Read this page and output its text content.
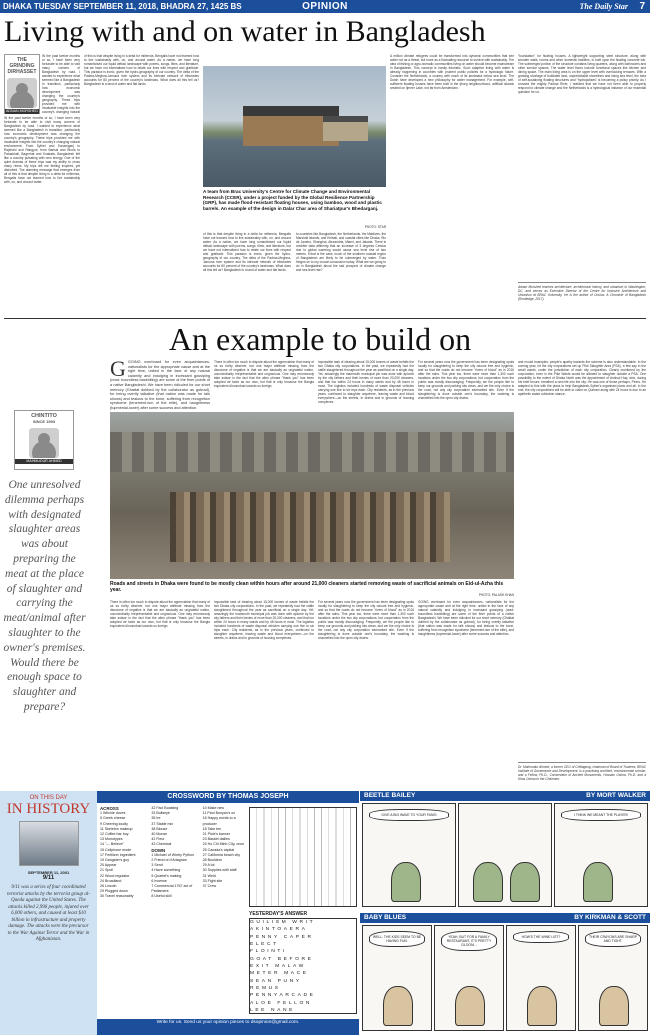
DHAKA TUESDAY SEPTEMBER 11, 2018, BHADRA 27, 1425 BS	OPINION	The Daily Star 7
Living with and on water in Bangladesh
THE GRINDING DIRHASSET
ADNAN MORSHED
IN the past twelve months or so, I have been very fortunate to be able to visit many corners of Bangladesh by road. I wanted to experience what seemed like a Bangladesh in transition, particularly how economic development was changing the country's geography. These trips provided me with invaluable insights into the country's changing natural
IN the past twelve months or so, I have been very fortunate to be able to visit many corners of Bangladesh by road. I wanted to experience what seemed like a Bangladesh in transition, particularly how economic development was changing the country's geography. These trips provided me with invaluable insights into the country's changing natural environment. From Sylhet and Sunamganj to Rajshahi and Rangpur, from Barisal and Bhola to Patuakhali, Bagerhat and Kuakata, Bangladesh felt like a country pulsating with new energy. One of the quiet dramas of these trips was my ability to cross many rivers. My trips left me feeling inspired, yet disturbed. The alarming message that emerges from all of this is that despite living in a delta for millennia, Bengalis have not learned how to live sustainably with, on, and around water.
of this is that despite living in a delta for millennia, Bengalis have not learned how to live sustainably with, on, and around water. As a nation, we have long romanticised our liquid deltaic landscape with poems, songs, films, and literature, but we have not internalised how to relate our lives with respect and gratitude. This paradox is ironic, given the hydro-geography of our country. The delta of the Padma-Meghna-Jamuna river system and its intricate network of tributaries accounts for 80 percent of the country's landmass. What does all this tell us? Bangladesh is a land of water and flat lands.
A team from Brac University's Centre for Climate Change and Environmental Research (CCER), under a project funded by the Global Resilience Partnership (GRP), has made flood-resistant floating houses, using bamboo, wood and plastic barrels. An example of the design in Dalar Char area of Shariatpur's Bhedarganj.
PHOTO: STAR
of this is that despite living in a delta for millennia, Bengalis have not learned how to live sustainably with, on, and around water. As a nation, we have long romanticised our liquid deltaic landscape with poems, songs, films, and literature, but we have not internalised how to relate our lives with respect and gratitude. This paradox is ironic, given the hydro-geography of our country. The delta of the Padma-Meghna-Jamuna river system and its intricate network of tributaries accounts for 80 percent of the country's landmass. What does all this tell us? Bangladesh is a land of water and flat lands.
to countries like Bangladesh, the Netherlands, the Maldives, the Marshall Islands, and Kiribati, and coastal cities like Dhaka, Rio de Janeiro, Shanghai, Alexandria, Miami, and Jakarta. There is credible data affirming that an increase of 3 degrees Celsius due to global warming would cause sea level rise of two metres. If that is the case, much of the southern coastal region of Bangladesh are likely to be submerged by water. Than fringes on to my crucial concussion today. What are we going to do in Bangladesh about the sad prospect of climate change and sea level rise?
A million climate refugees could be transformed into dynamic communities that see water not as a threat, but more as a fluctuating resource to survive with sustainably. The idea of fishing or agro-nomadic communities living on water should become mainstream in Bangladesh. This concept is hardly futuristic. Such adaptive living with water is already happening in countries with prudent public policies for a hydrologic future. Consider the Netherlands, a country with much of its landmass below sea level. The Dutch have developed a new philosophy for water management. For example, self-sufficient floating houses have been built in the Ijburg neighbourhood, artificial islands created on Ijmeer Lake, not far from Amsterdam.
"foundation" for floating houses. A lightweight supporting steel structure, along with wooden walls, rooms and other domestic facilities, is built upon the floating concrete tub. The submerged portion of the structure contains living quarters, along with bathrooms and other service spaces. The water level floors include functional spaces like kitchen and dining space. The main living area is on the upper level with overlooking terraces. With a growing shortage of buildable land, unpredictable shorelines and rising sea level, the idea of self-sustaining floating structures and "hydropolises" is becoming a policy priority. As I crossed the mighty Padma River, I realised that we have not been able to properly respond to climate change and the Netherlands is a hydrological instance of our essential question for us.
Adnan Morshed teaches architecture, architectural history, and urbanism in Washington, DC, and serves as Executive Director of the Centre for Inclusive Architecture and Urbanism at BRAC University. He is the author of Oculus: A Chronicle of Bangladesh (Routledge, 2017).
An example to build on
CHINTITO
SINCE 1993
MAHMUDUR AHMED
One unresolved dilemma perhaps with designated slaughter areas was about preparing the meat at the place of slaughter and carrying the meat/animal after slaughter to the owner's premises. Would there be enough space to slaughter and prepare?
GGOING overboard for even acquaintances, nationalists for the appropriate cause and at the right time, united in the face of any natural calamity and indulging in incessant gossiping (read: boundless backbiting) are some of the finer points of a native Bangladeshi. We have been ridiculed for our short memory (Ghattat dubbed by the collaborator as gobrad), for being overtly talkative (that nation was made for talk shows) and tealous to the bone, suffering from recognition syndrome (tenement-ism of the elite), and haughtiness (tupmenial-lower) after some success and attention.
There is often too much to dispute about the appreciation that many of us so richly deserve, but one major attribute missing from the discourse of negative is that we are basically an ungrateful nation, uncontrollably irrepresentable and ungracious. One may erroneously take solace in the fact that the alien phrase "thank you" has been adopted de facto as our own, but that is only because the Bangla equivalent dhonnobad sounds so foreign.
impossible task of clearing about 15,000 tonnes of waste befalls the two Dhaka city corporations. In the past, we repeatedly had the cattle slaughtered throughout the year as sacrificial on a single day. Yet, amazingly the mammoth municipal job was done with aplomb by the city fathers and their bevies of more than 20,000 cleaners, and that too within 24 hours in many wards and by 48 hours in most. The logistics included hundreds of waste disposal vehicles carrying one five to six trips each. City residents, as in the previous years, continued to slaughter anywhere, leaving waste and blood everywhere—on the streets, in drains and in grounds of housing complexes.
For several years now the government has been designating spots locally for slaughtering to keep the city odours free and hygienic, and so that the roads do not become "rivers of blood" as in 2016 after the rains. This year too, there were more than 1,300 such locations under the two city corporations, but cooperation from the public was mostly discouraging. Frequently, we the people like to keep our grounds and parking lots clean, and we the only choice is the road, not any city corporation earmarked site. Even if the slaughtering is done outside one's boundary, the washing is channelled into the open city drains.
Roads and streets in Dhaka were found to be mostly clean within hours after around 21,000 cleaners started removing waste of sacrificial animals on Eid-ul-Azha this year.
PHOTO: PALASH KHAN
There is often too much to dispute about the appreciation that many of us so richly deserve, but one major attribute missing from the discourse of negative is that we are basically an ungrateful nation, uncontrollably irrepresentable and ungracious. One may erroneously take solace in the fact that the alien phrase "thank you" has been adopted de facto as our own, but that is only because the Bangla equivalent dhonnobad sounds so foreign.
impossible task of clearing about 15,000 tonnes of waste befalls the two Dhaka city corporations. In the past, we repeatedly had the cattle slaughtered throughout the year as sacrificial on a single day. Yet, amazingly the mammoth municipal job was done with aplomb by the city fathers and their bevies of more than 20,000 cleaners, and that too within 24 hours in many wards and by 48 hours in most. The logistics included hundreds of waste disposal vehicles carrying one five to six trips each. City residents, as in the previous years, continued to slaughter anywhere, leaving waste and blood everywhere—on the streets, in drains and in grounds of housing complexes.
For several years now the government has been designating spots locally for slaughtering to keep the city odours free and hygienic, and so that the roads do not become "rivers of blood" as in 2016 after the rains. This year too, there were more than 1,300 such locations under the two city corporations, but cooperation from the public was mostly discouraging. Frequently, we the people like to keep our grounds and parking lots clean, and we the only choice is the road, not any city corporation earmarked site. Even if the slaughtering is done outside one's boundary, the washing is channelled into the open city drains.
GOING overboard for even acquaintances, nationalists for the appropriate cause and at the right time, united in the face of any natural calamity and indulging in incessant gossiping (read: boundless backbiting) are some of the finer points of a native Bangladeshi. We have been ridiculed for our short memory (Ghattat dubbed by the collaborator as gobrad), for being overtly talkative (that nation was made for talk shows) and tealous to the bone, suffering from recognition syndrome (tenement-ism of the elite), and haughtiness (tupmenial-lower) after some success and attention.
and mould examples; people's apathy towards the scheme is also understandable. In the coming year, let the city corporations set up Pilot Slaughter Area (PSA), a few say in the small wards, under the jurisdiction of each city corporation. Clearly monitored by the corporation, even in the Pilot Wards would be allowed to slaughter outside a PSA. One possibility to the extent of Dhaka North was the appointment of Annisul Huq, who, during his brief tenure, breathed a new life into the city. He was one of those perhaps, Peers. He adapted to this with the plans to help Bangladesh-Sylhet's organised plans and all. In the end, the city corporations will be able to claim on Qurbani along with 24 hours is due to an apathetic waste collection stance.
Dr. Mahmudur Ahmed, a former CEO of Chittagong, chairman of Board of Trustees, BRAC Institute of Governance and Development, is a practising architect, environmental scholar, and a Fellow, Ph.D., Conservator of Ancient Monuments, Hossain Oshna, Ph.D. and a Khas Oshna to the Chairmen.
ON THIS DAY
IN HISTORY
SEPTEMBER 11, 2001
9/11
9/11 was a series of four coordinated terrorist attacks by the terrorist group al-Qaeda against the United States. The attacks killed 2,996 people, injured over 6,000 others, and caused at least $10 billion in infrastructure and property damage. The attacks were the precursor to the War Against Terror and the War in Afghanistan.
CROSSWORD BY THOMAS JOSEPH
ACROSS
1 Witchie doves
5 Greek cheese
9 Cheering loudly
11 Skeleton makeup
12 Coffee bar buy
13 Monotypes
14 "— Believe"
15 Cellphone mode
17 Fertilizer ingredient
19 Gangster's guy
20 Appear
21 Spoil
22 Wood regulator
24 Broadland
26 Lincoln
29 Plugged down
30 Travel reasonably
32 Fact Boasting
33 Bullseye
35 Ire
37 Stable mix
38 Blouse
40 Mouse
42 Fleur
43 Chemical
DOWN
1 Michael of Wintry Python
2 Friend of d'Artagnan
3 Send
4 Have something
5 Quartet's making
6 Incense
7 Commercial 1767 act of Parliament
8 Useful skill
10 Make new
11 Paul Bunyan's ox
16 Happy words to a producer
18 Take ten
21 Pixie's banner
23 Basket dallies
24 Ho Chi Minh City, once
25 Canada's capital
27 California beach city
28 Bouldern
29 A lot
30 Supplies with staff
31 Weld
33 Fight site
37 Crew
YESTERDAY'S ANSWER
GUILISM WRIT
AKINTOAERA
PENNY CAPER
ELECT
FLOINTI
GOAT BEFORE
EXIT MALAW
METER MACE
SEAN PUNY
REMUS
PENNYARCADE
ALOE FELLON
LEE NANE
Write for us. Send us your opinion pieces to dsopinion@gmail.com.
BY MORT WALKER
BEETLE BAILEY
GIVE A BIG WAVE TO YOUR FANS!	I THINK WE MEANT THE PLAYER!
BY KIRKMAN & SCOTT
BABY BLUES
WELL, THE KIDS SEEM TO BE HAVING FUN.
YEAH, BUT FOR A FAMILY RESTAURANT, IT'S PRETTY GLOOM...
HOW'S THE WINE LIST?	THEIR CRAYONS ARE SHARP AND TIGHT.
